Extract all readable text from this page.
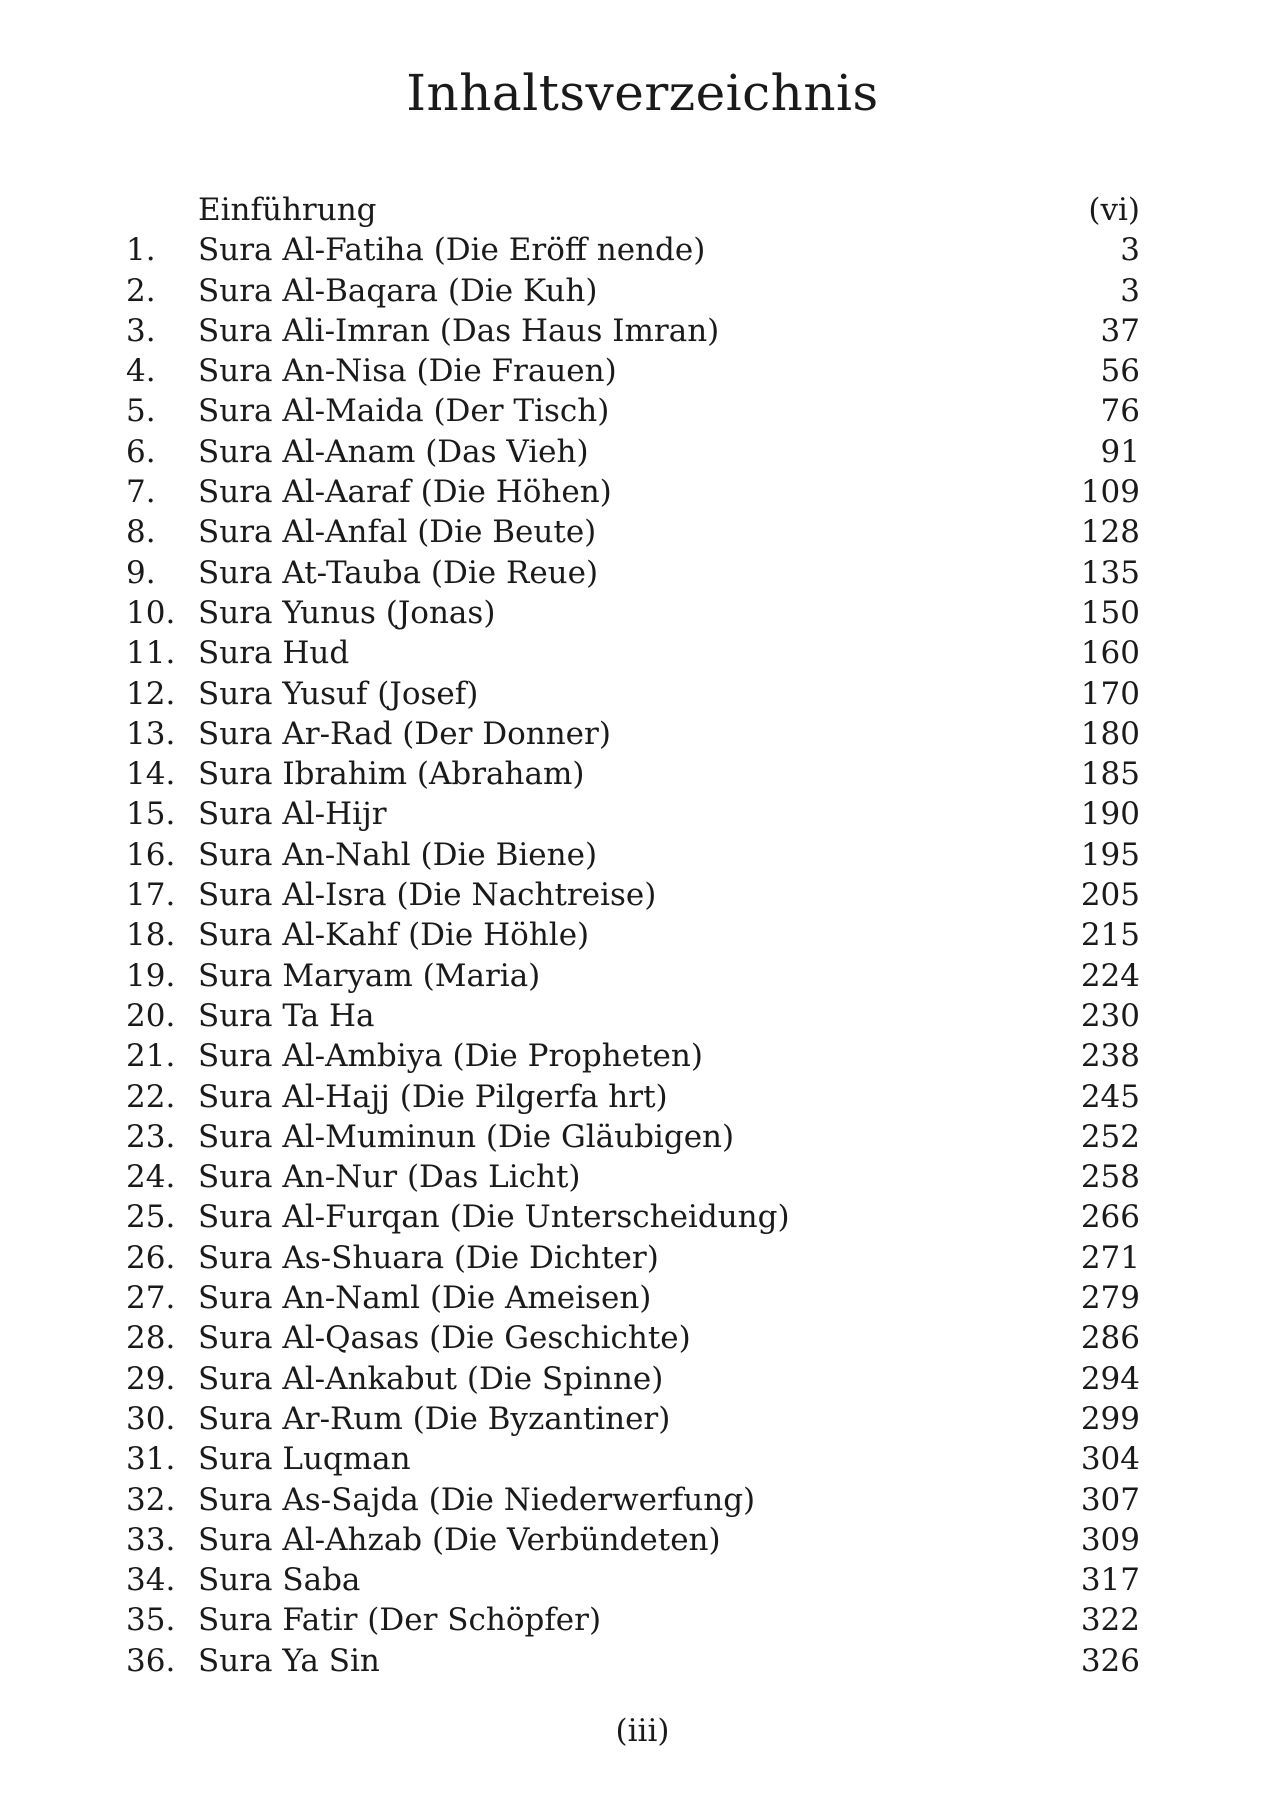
Inhaltsverzeichnis
Einführung	(vi)
1.	Sura Al-Fatiha (Die Eröff nende)	3
2.	Sura Al-Baqara (Die Kuh)	3
3.	Sura Ali-Imran (Das Haus Imran)	37
4.	Sura An-Nisa (Die Frauen)	56
5.	Sura Al-Maida (Der Tisch)	76
6.	Sura Al-Anam (Das Vieh)	91
7.	Sura Al-Aaraf (Die Höhen)	109
8.	Sura Al-Anfal (Die Beute)	128
9.	Sura At-Tauba (Die Reue)	135
10. Sura Yunus (Jonas)	150
11. Sura Hud	160
12. Sura Yusuf (Josef)	170
13. Sura Ar-Rad (Der Donner)	180
14. Sura Ibrahim (Abraham)	185
15. Sura Al-Hijr	190
16. Sura An-Nahl (Die Biene)	195
17. Sura Al-Isra (Die Nachtreise)	205
18. Sura Al-Kahf (Die Höhle)	215
19. Sura Maryam (Maria)	224
20. Sura Ta Ha	230
21. Sura Al-Ambiya (Die Propheten)	238
22. Sura Al-Hajj (Die Pilgerfa hrt)	245
23. Sura Al-Muminun (Die Gläubigen)	252
24. Sura An-Nur (Das Licht)	258
25. Sura Al-Furqan (Die Unterscheidung)	266
26. Sura As-Shuara (Die Dichter)	271
27. Sura An-Naml (Die Ameisen)	279
28. Sura Al-Qasas (Die Geschichte)	286
29. Sura Al-Ankabut (Die Spinne)	294
30. Sura Ar-Rum (Die Byzantiner)	299
31. Sura Luqman	304
32. Sura As-Sajda (Die Niederwerfung)	307
33. Sura Al-Ahzab (Die Verbündeten)	309
34. Sura Saba	317
35. Sura Fatir (Der Schöpfer)	322
36. Sura Ya Sin	326
(iii)
